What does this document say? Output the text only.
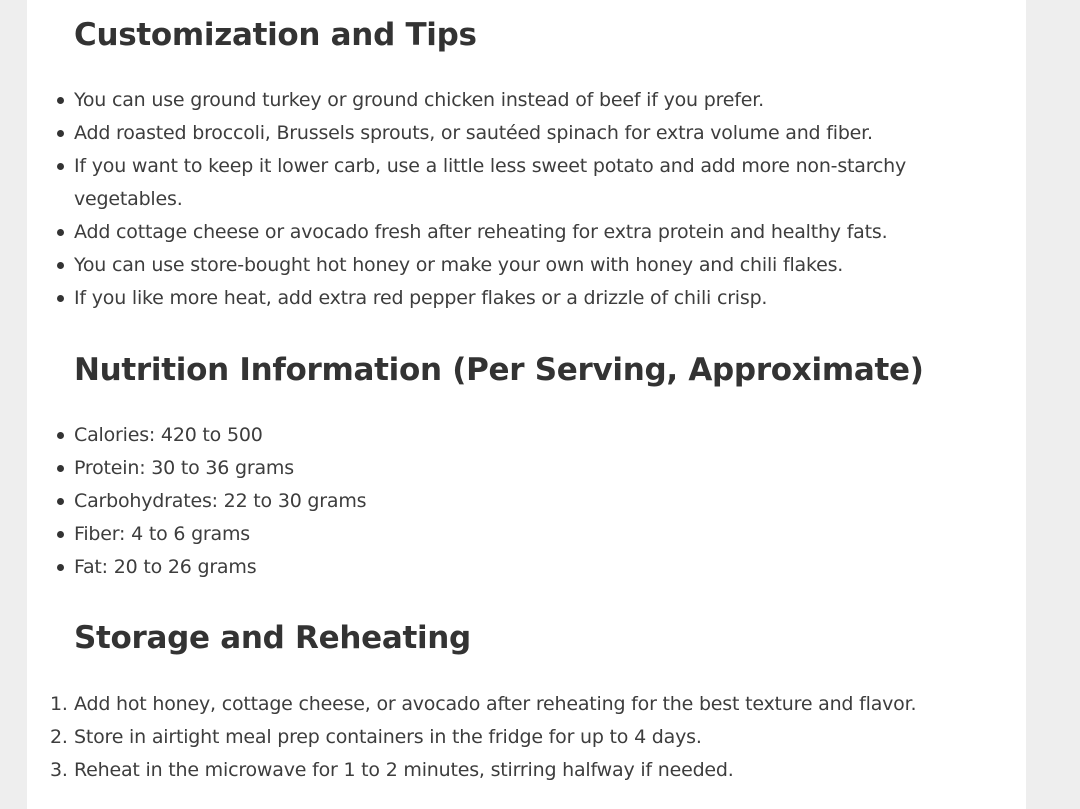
Customization and Tips
You can use ground turkey or ground chicken instead of beef if you prefer.
Add roasted broccoli, Brussels sprouts, or sautéed spinach for extra volume and fiber.
If you want to keep it lower carb, use a little less sweet potato and add more non-starchy vegetables.
Add cottage cheese or avocado fresh after reheating for extra protein and healthy fats.
You can use store-bought hot honey or make your own with honey and chili flakes.
If you like more heat, add extra red pepper flakes or a drizzle of chili crisp.
Nutrition Information (Per Serving, Approximate)
Calories: 420 to 500
Protein: 30 to 36 grams
Carbohydrates: 22 to 30 grams
Fiber: 4 to 6 grams
Fat: 20 to 26 grams
Storage and Reheating
1. Add hot honey, cottage cheese, or avocado after reheating for the best texture and flavor.
2. Store in airtight meal prep containers in the fridge for up to 4 days.
3. Reheat in the microwave for 1 to 2 minutes, stirring halfway if needed.
